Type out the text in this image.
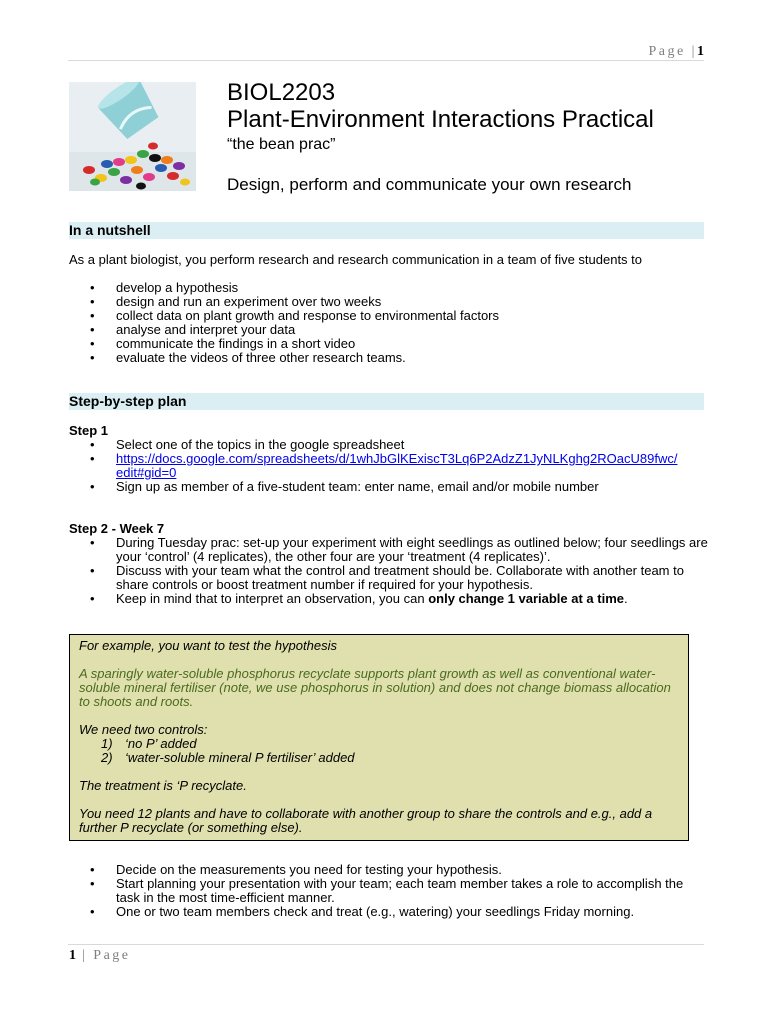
Page |1
BIOL2203
Plant-Environment Interactions Practical
“the bean prac”
Design, perform and communicate your own research
In a nutshell
As a plant biologist, you perform research and research communication in a team of five students to
• develop a hypothesis
• design and run an experiment over two weeks
• collect data on plant growth and response to environmental factors
• analyse and interpret your data
• communicate the findings in a short video
• evaluate the videos of three other research teams.
Step-by-step plan
Step 1
• Select one of the topics in the google spreadsheet
• https://docs.google.com/spreadsheets/d/1whJbGlKExiscT3Lq6P2AdzZ1JyNLKghg2ROacU89fwc/edit#gid=0
• Sign up as member of a five-student team: enter name, email and/or mobile number
Step 2 - Week 7
• During Tuesday prac: set-up your experiment with eight seedlings as outlined below; four seedlings are your ‘control’ (4 replicates), the other four are your ‘treatment (4 replicates)’.
• Discuss with your team what the control and treatment should be. Collaborate with another team to share controls or boost treatment number if required for your hypothesis.
• Keep in mind that to interpret an observation, you can only change 1 variable at a time.
For example, you want to test the hypothesis
A sparingly water-soluble phosphorus recyclate supports plant growth as well as conventional water-soluble mineral fertiliser (note, we use phosphorus in solution) and does not change biomass allocation to shoots and roots.
We need two controls:
1) ‘no P’ added
2) ‘water-soluble mineral P fertiliser’ added
The treatment is ‘P recyclate.
You need 12 plants and have to collaborate with another group to share the controls and e.g., add a further P recyclate (or something else).
• Decide on the measurements you need for testing your hypothesis.
• Start planning your presentation with your team; each team member takes a role to accomplish the task in the most time-efficient manner.
• One or two team members check and treat (e.g., watering) your seedlings Friday morning.
1 | Page
